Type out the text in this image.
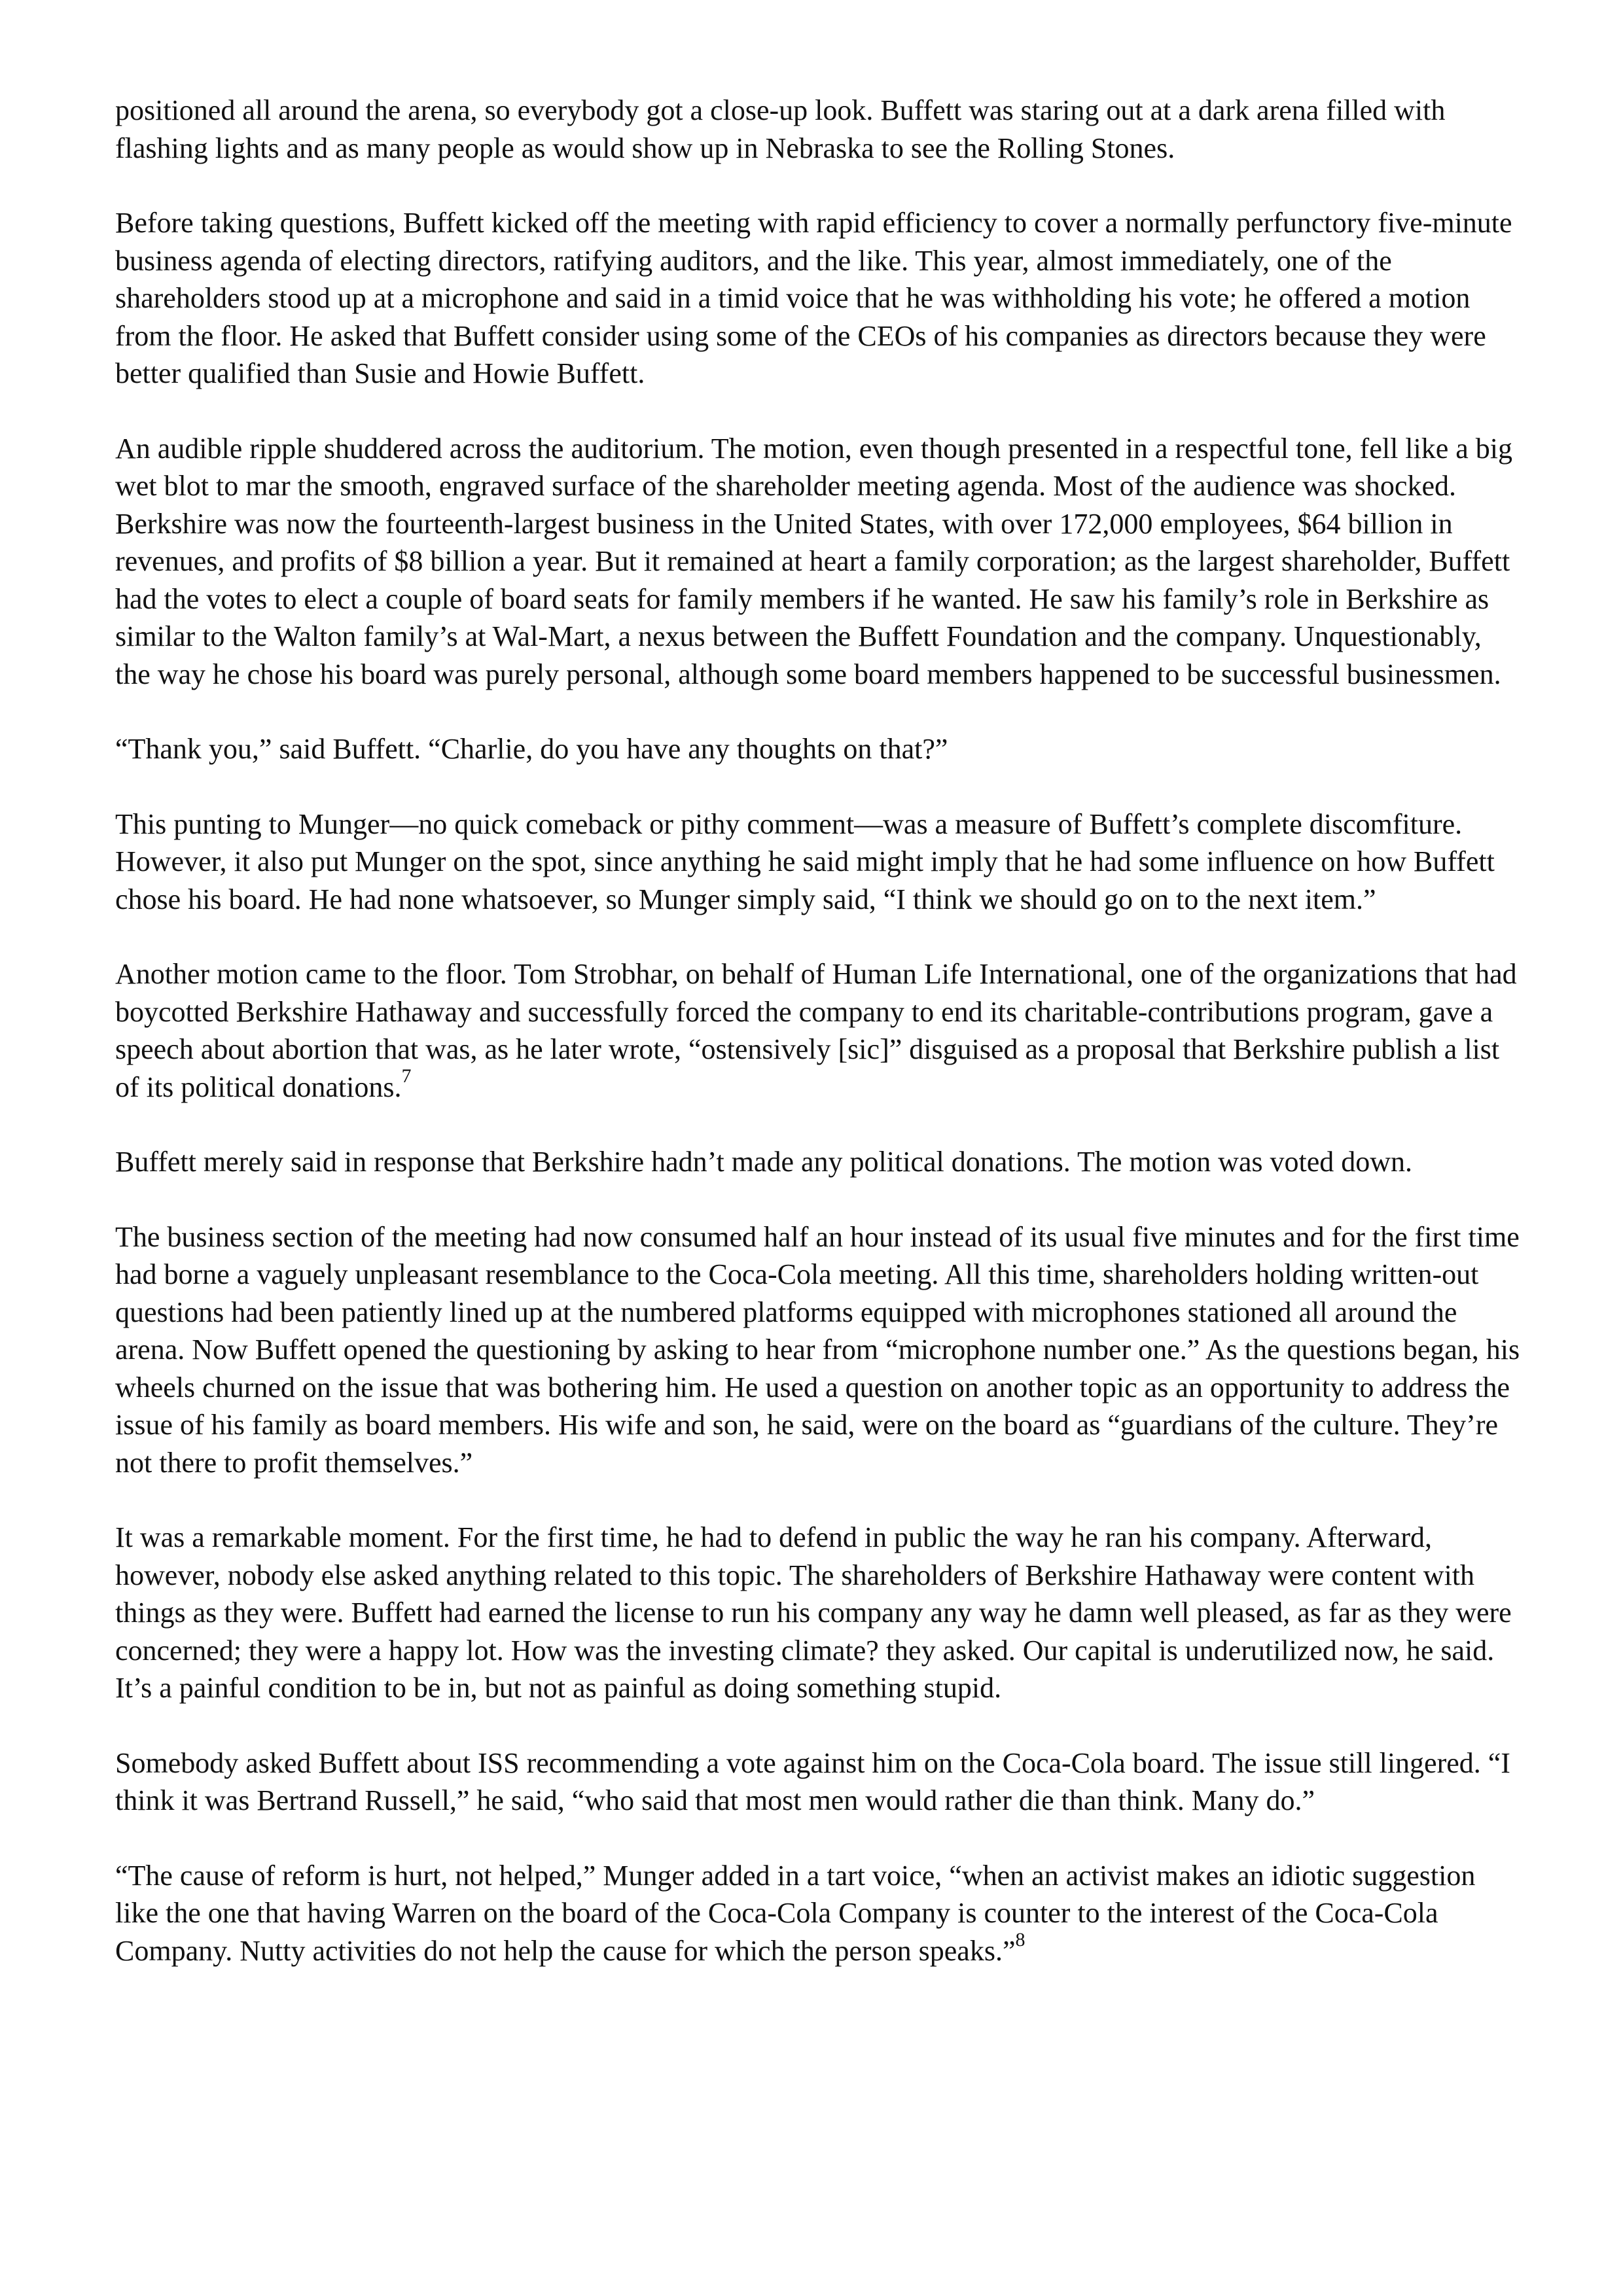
positioned all around the arena, so everybody got a close-up look. Buffett was staring out at a dark arena filled with flashing lights and as many people as would show up in Nebraska to see the Rolling Stones.

Before taking questions, Buffett kicked off the meeting with rapid efficiency to cover a normally perfunctory five-minute business agenda of electing directors, ratifying auditors, and the like. This year, almost immediately, one of the shareholders stood up at a microphone and said in a timid voice that he was withholding his vote; he offered a motion from the floor. He asked that Buffett consider using some of the CEOs of his companies as directors because they were better qualified than Susie and Howie Buffett.

An audible ripple shuddered across the auditorium. The motion, even though presented in a respectful tone, fell like a big wet blot to mar the smooth, engraved surface of the shareholder meeting agenda. Most of the audience was shocked. Berkshire was now the fourteenth-largest business in the United States, with over 172,000 employees, $64 billion in revenues, and profits of $8 billion a year. But it remained at heart a family corporation; as the largest shareholder, Buffett had the votes to elect a couple of board seats for family members if he wanted. He saw his family’s role in Berkshire as similar to the Walton family’s at Wal-Mart, a nexus between the Buffett Foundation and the company. Unquestionably, the way he chose his board was purely personal, although some board members happened to be successful businessmen.

“Thank you,” said Buffett. “Charlie, do you have any thoughts on that?”

This punting to Munger—no quick comeback or pithy comment—was a measure of Buffett’s complete discomfiture. However, it also put Munger on the spot, since anything he said might imply that he had some influence on how Buffett chose his board. He had none whatsoever, so Munger simply said, “I think we should go on to the next item.”

Another motion came to the floor. Tom Strobhar, on behalf of Human Life International, one of the organizations that had boycotted Berkshire Hathaway and successfully forced the company to end its charitable-contributions program, gave a speech about abortion that was, as he later wrote, “ostensively [sic]” disguised as a proposal that Berkshire publish a list of its political donations.$^7$

Buffett merely said in response that Berkshire hadn’t made any political donations. The motion was voted down.

The business section of the meeting had now consumed half an hour instead of its usual five minutes and for the first time had borne a vaguely unpleasant resemblance to the Coca-Cola meeting. All this time, shareholders holding written-out questions had been patiently lined up at the numbered platforms equipped with microphones stationed all around the arena. Now Buffett opened the questioning by asking to hear from “microphone number one.” As the questions began, his wheels churned on the issue that was bothering him. He used a question on another topic as an opportunity to address the issue of his family as board members. His wife and son, he said, were on the board as “guardians of the culture. They’re not there to profit themselves.”

It was a remarkable moment. For the first time, he had to defend in public the way he ran his company. Afterward, however, nobody else asked anything related to this topic. The shareholders of Berkshire Hathaway were content with things as they were. Buffett had earned the license to run his company any way he damn well pleased, as far as they were concerned; they were a happy lot. How was the investing climate? they asked. Our capital is underutilized now, he said. It’s a painful condition to be in, but not as painful as doing something stupid.

Somebody asked Buffett about ISS recommending a vote against him on the Coca-Cola board. The issue still lingered. “I think it was Bertrand Russell,” he said, “who said that most men would rather die than think. Many do.”

“The cause of reform is hurt, not helped,” Munger added in a tart voice, “when an activist makes an idiotic suggestion like the one that having Warren on the board of the Coca-Cola Company is counter to the interest of the Coca-Cola Company. Nutty activities do not help the cause for which the person speaks.”$^8$
